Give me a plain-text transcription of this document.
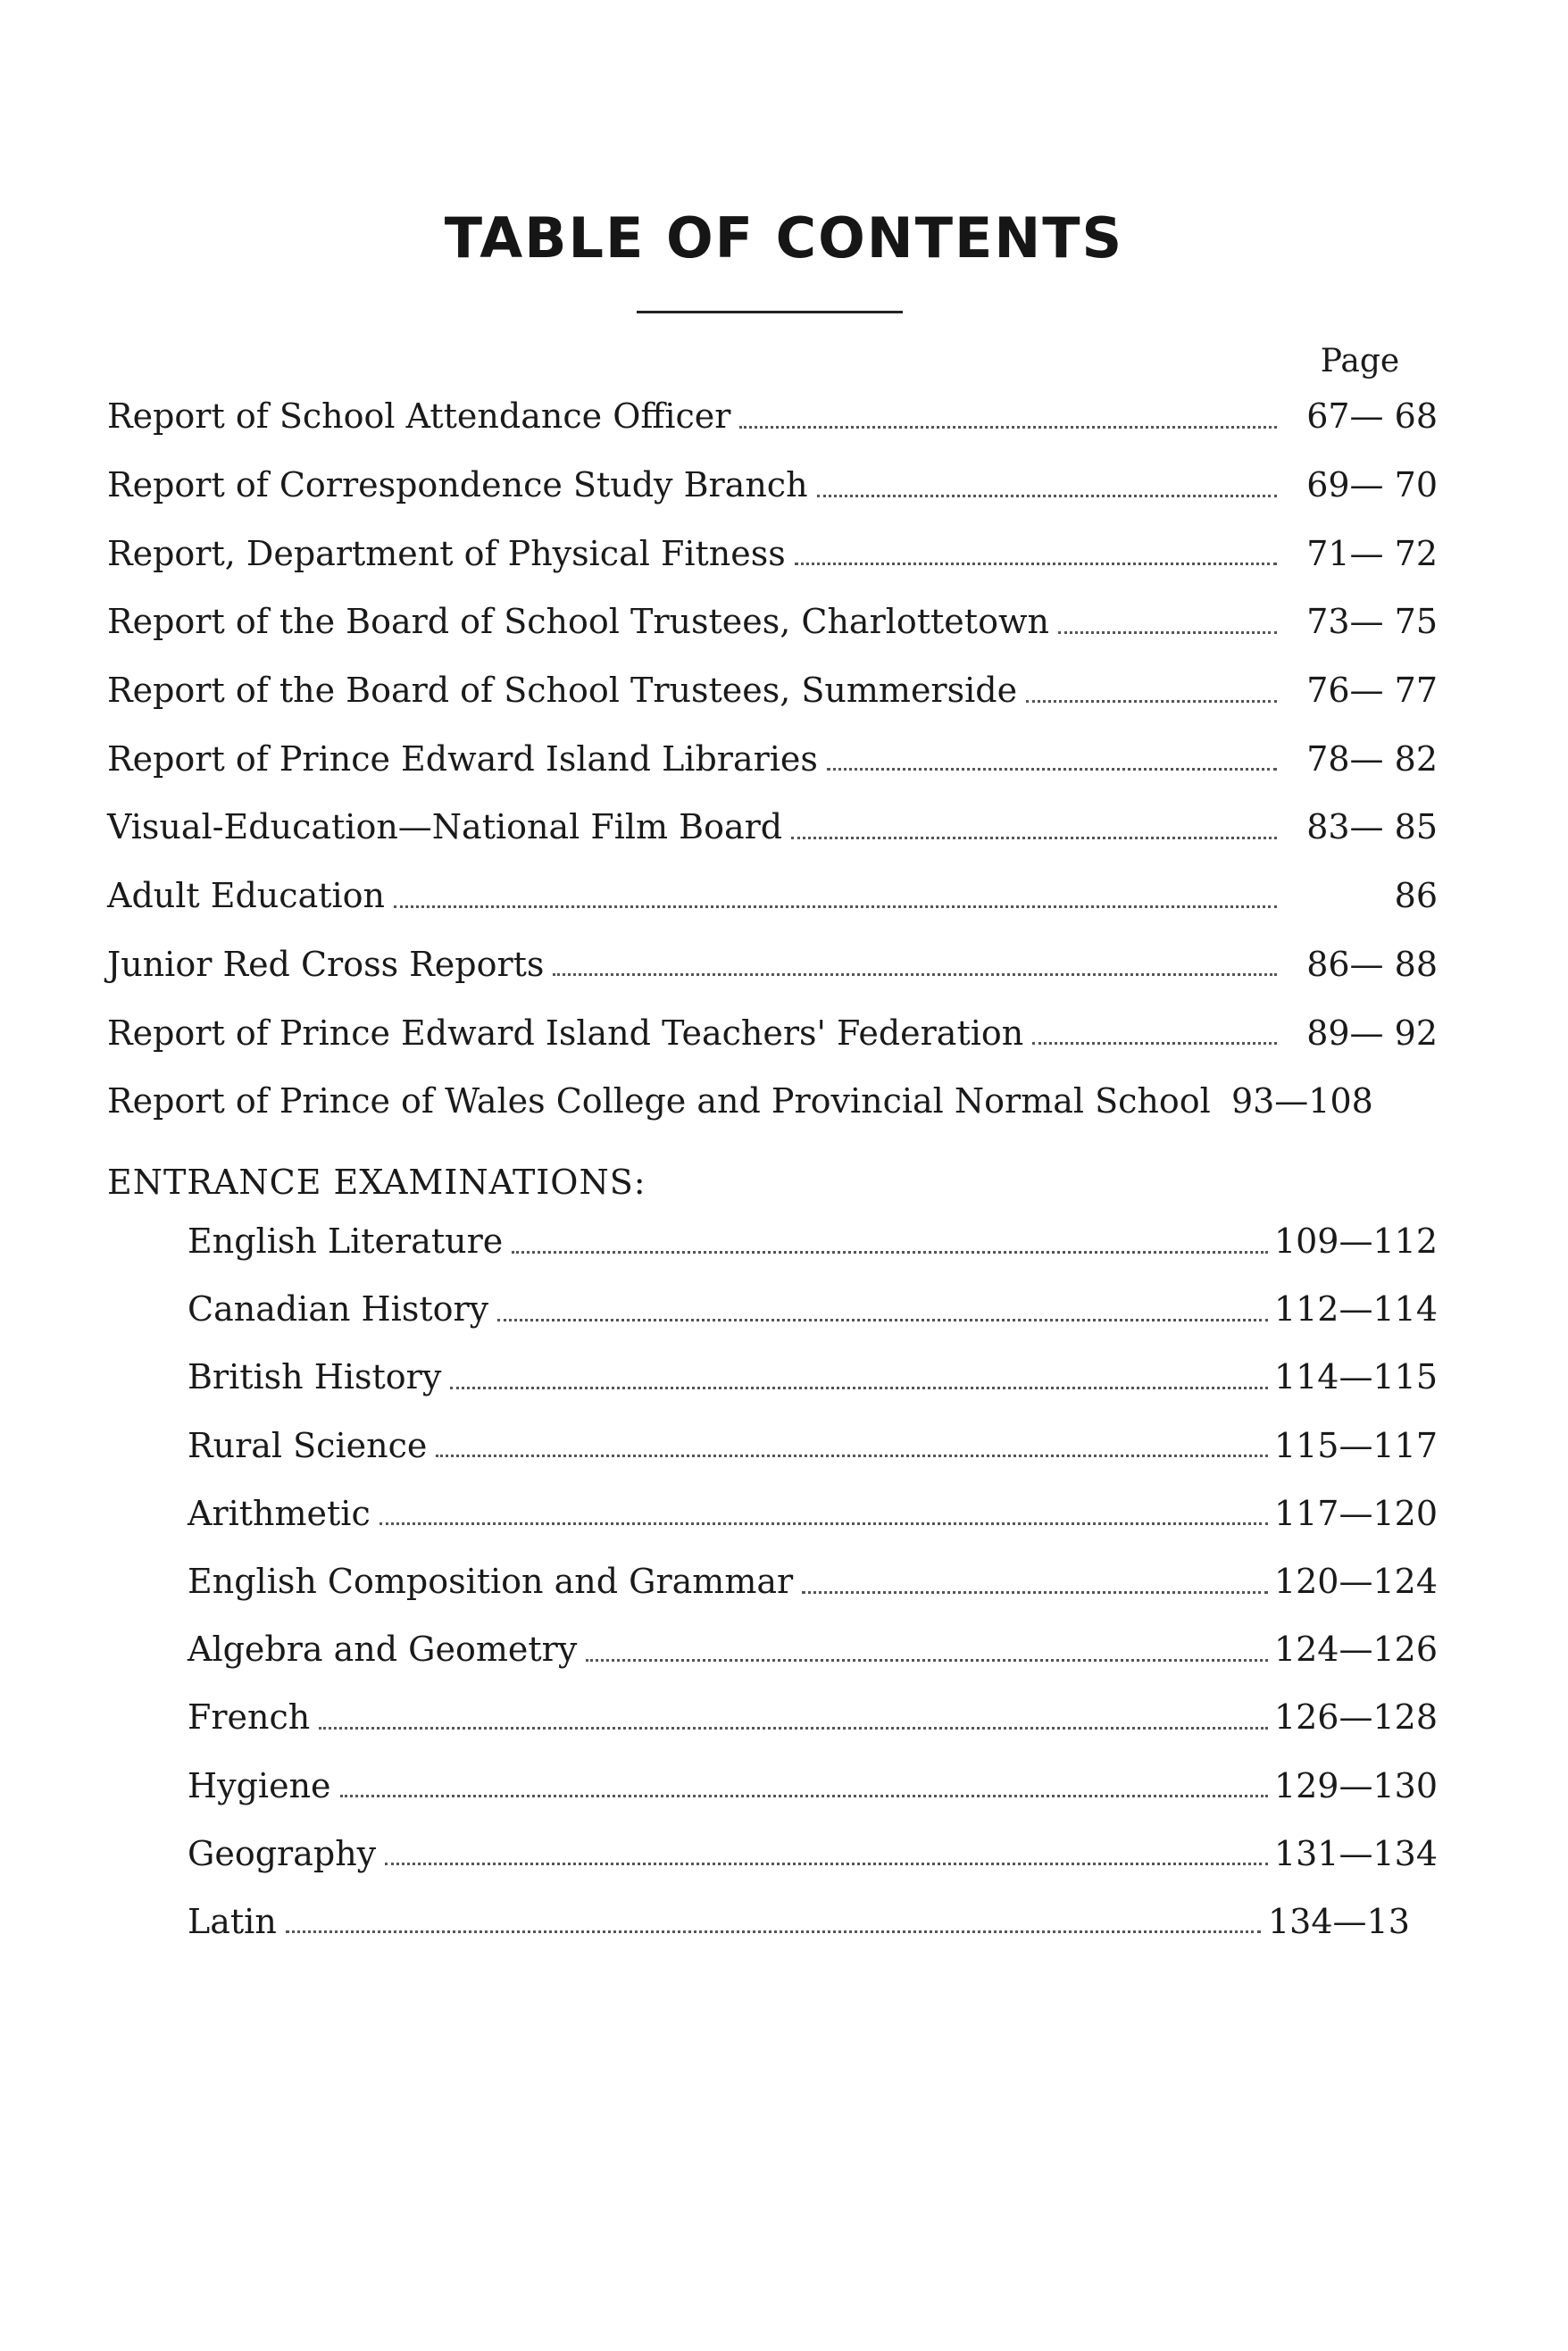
TABLE OF CONTENTS
Page
Report of School Attendance Officer	67— 68
Report of Correspondence Study Branch	69— 70
Report, Department of Physical Fitness	71— 72
Report of the Board of School Trustees, Charlottetown	73— 75
Report of the Board of School Trustees, Summerside	76— 77
Report of Prince Edward Island Libraries	78— 82
Visual-Education—National Film Board	83— 85
Adult Education	86
Junior Red Cross Reports	86— 88
Report of Prince Edward Island Teachers' Federation	89— 92
Report of Prince of Wales College and Provincial Normal School 93—108
ENTRANCE EXAMINATIONS:
English Literature	109—112
Canadian History	112—114
British History	114—115
Rural Science	115—117
Arithmetic	117—120
English Composition and Grammar	120—124
Algebra and Geometry	124—126
French	126—128
Hygiene	129—130
Geography	131—134
Latin	134—13
